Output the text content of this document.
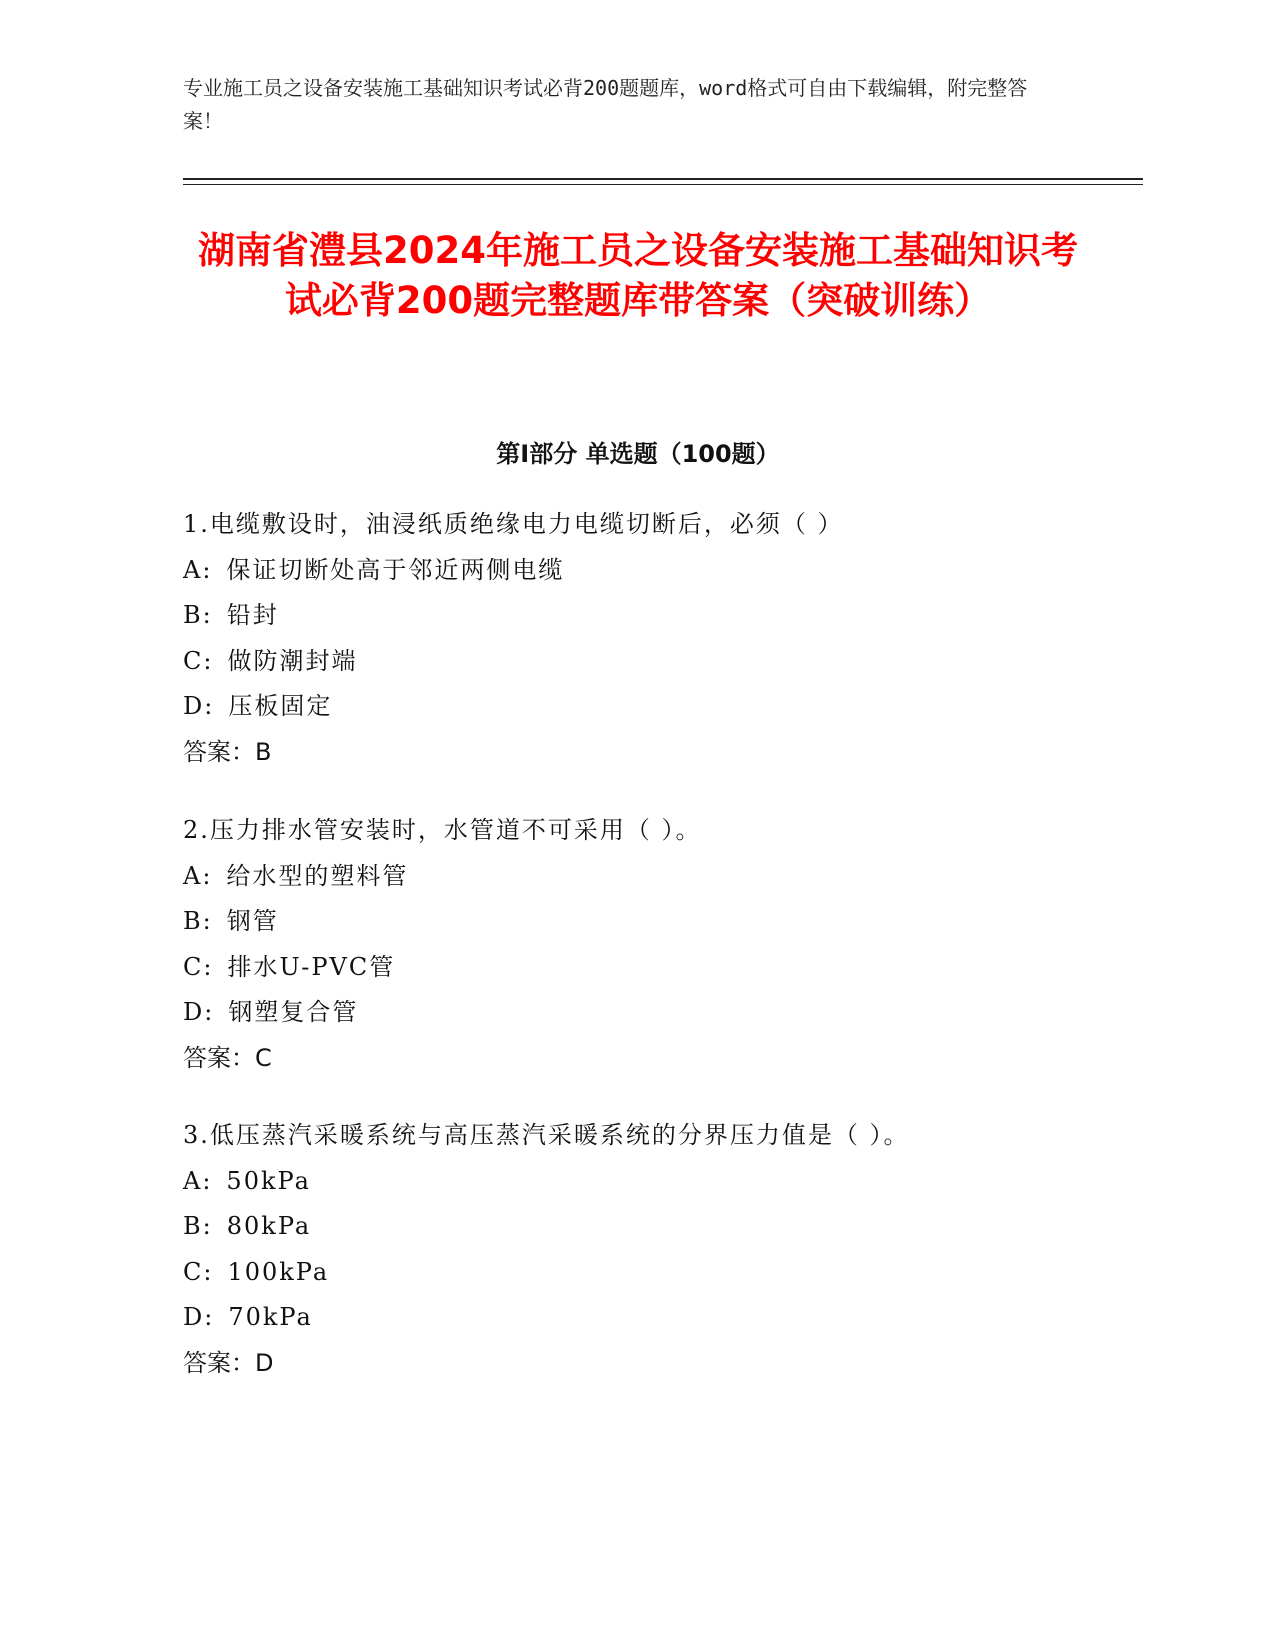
专业施工员之设备安装施工基础知识考试必背200题题库，word格式可自由下载编辑，附完整答案！
湖南省澧县2024年施工员之设备安装施工基础知识考试必背200题完整题库带答案（突破训练）
第Ⅰ部分 单选题（100题）
1.电缆敷设时，油浸纸质绝缘电力电缆切断后，必须（ ）
A: 保证切断处高于邻近两侧电缆
B: 铅封
C: 做防潮封端
D: 压板固定
答案：B
2.压力排水管安装时，水管道不可采用（ ）。
A: 给水型的塑料管
B: 钢管
C: 排水U-PVC管
D: 钢塑复合管
答案：C
3.低压蒸汽采暖系统与高压蒸汽采暖系统的分界压力值是（ ）。
A: 50kPa
B: 80kPa
C: 100kPa
D: 70kPa
答案：D
